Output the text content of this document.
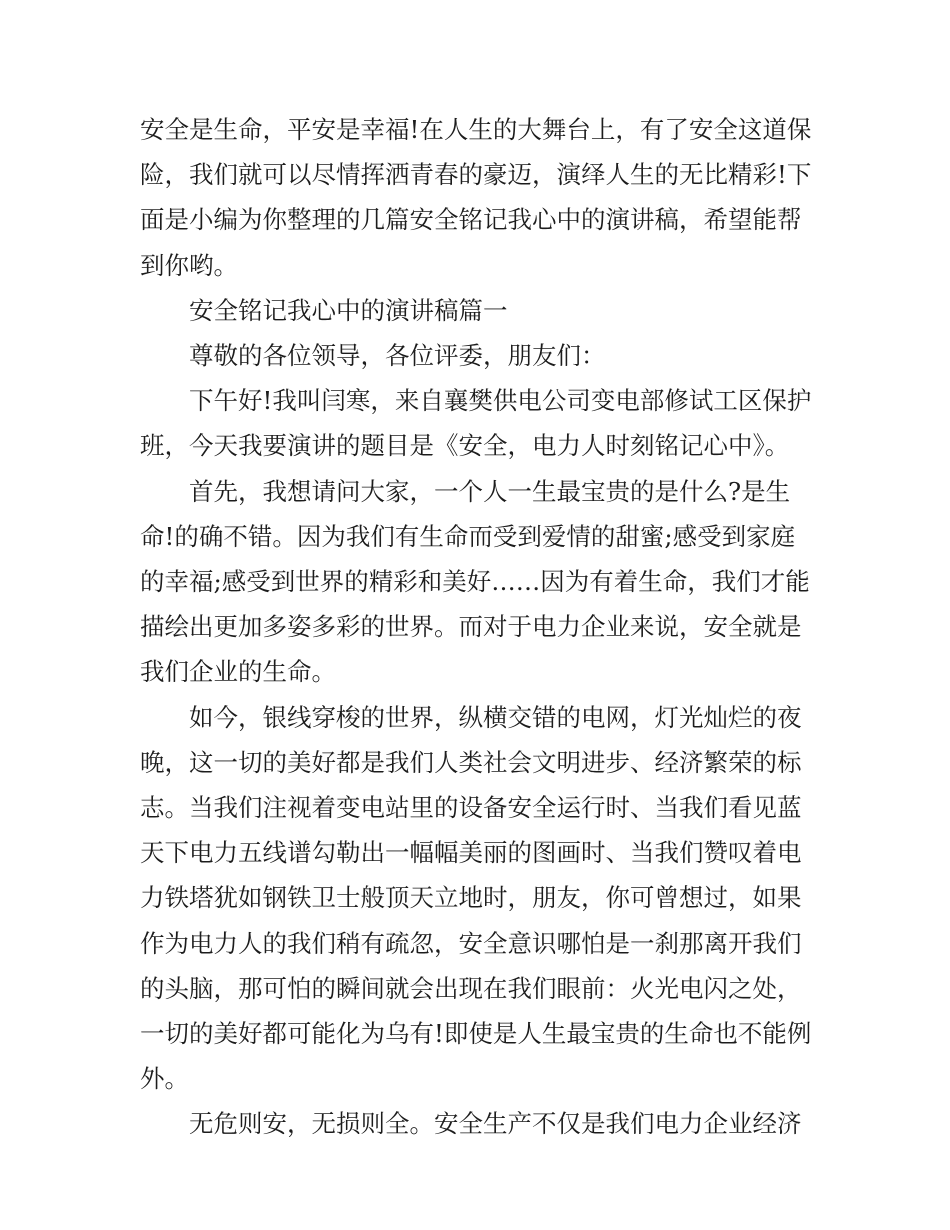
安全是生命，平安是幸福!在人生的大舞台上，有了安全这道保险，我们就可以尽情挥洒青春的豪迈，演绎人生的无比精彩!下面是小编为你整理的几篇安全铭记我心中的演讲稿，希望能帮到你哟。

安全铭记我心中的演讲稿篇一

尊敬的各位领导，各位评委，朋友们：

下午好!我叫闫寒，来自襄樊供电公司变电部修试工区保护班，今天我要演讲的题目是《安全，电力人时刻铭记心中》。

首先，我想请问大家，一个人一生最宝贵的是什么?是生命!的确不错。因为我们有生命而受到爱情的甜蜜;感受到家庭的幸福;感受到世界的精彩和美好……因为有着生命，我们才能描绘出更加多姿多彩的世界。而对于电力企业来说，安全就是我们企业的生命。

如今，银线穿梭的世界，纵横交错的电网，灯光灿烂的夜晚，这一切的美好都是我们人类社会文明进步、经济繁荣的标志。当我们注视着变电站里的设备安全运行时、当我们看见蓝天下电力五线谱勾勒出一幅幅美丽的图画时、当我们赞叹着电力铁塔犹如钢铁卫士般顶天立地时，朋友，你可曾想过，如果作为电力人的我们稍有疏忽，安全意识哪怕是一刹那离开我们的头脑，那可怕的瞬间就会出现在我们眼前：火光电闪之处，一切的美好都可能化为乌有!即使是人生最宝贵的生命也不能例外。

无危则安，无损则全。安全生产不仅是我们电力企业经济
